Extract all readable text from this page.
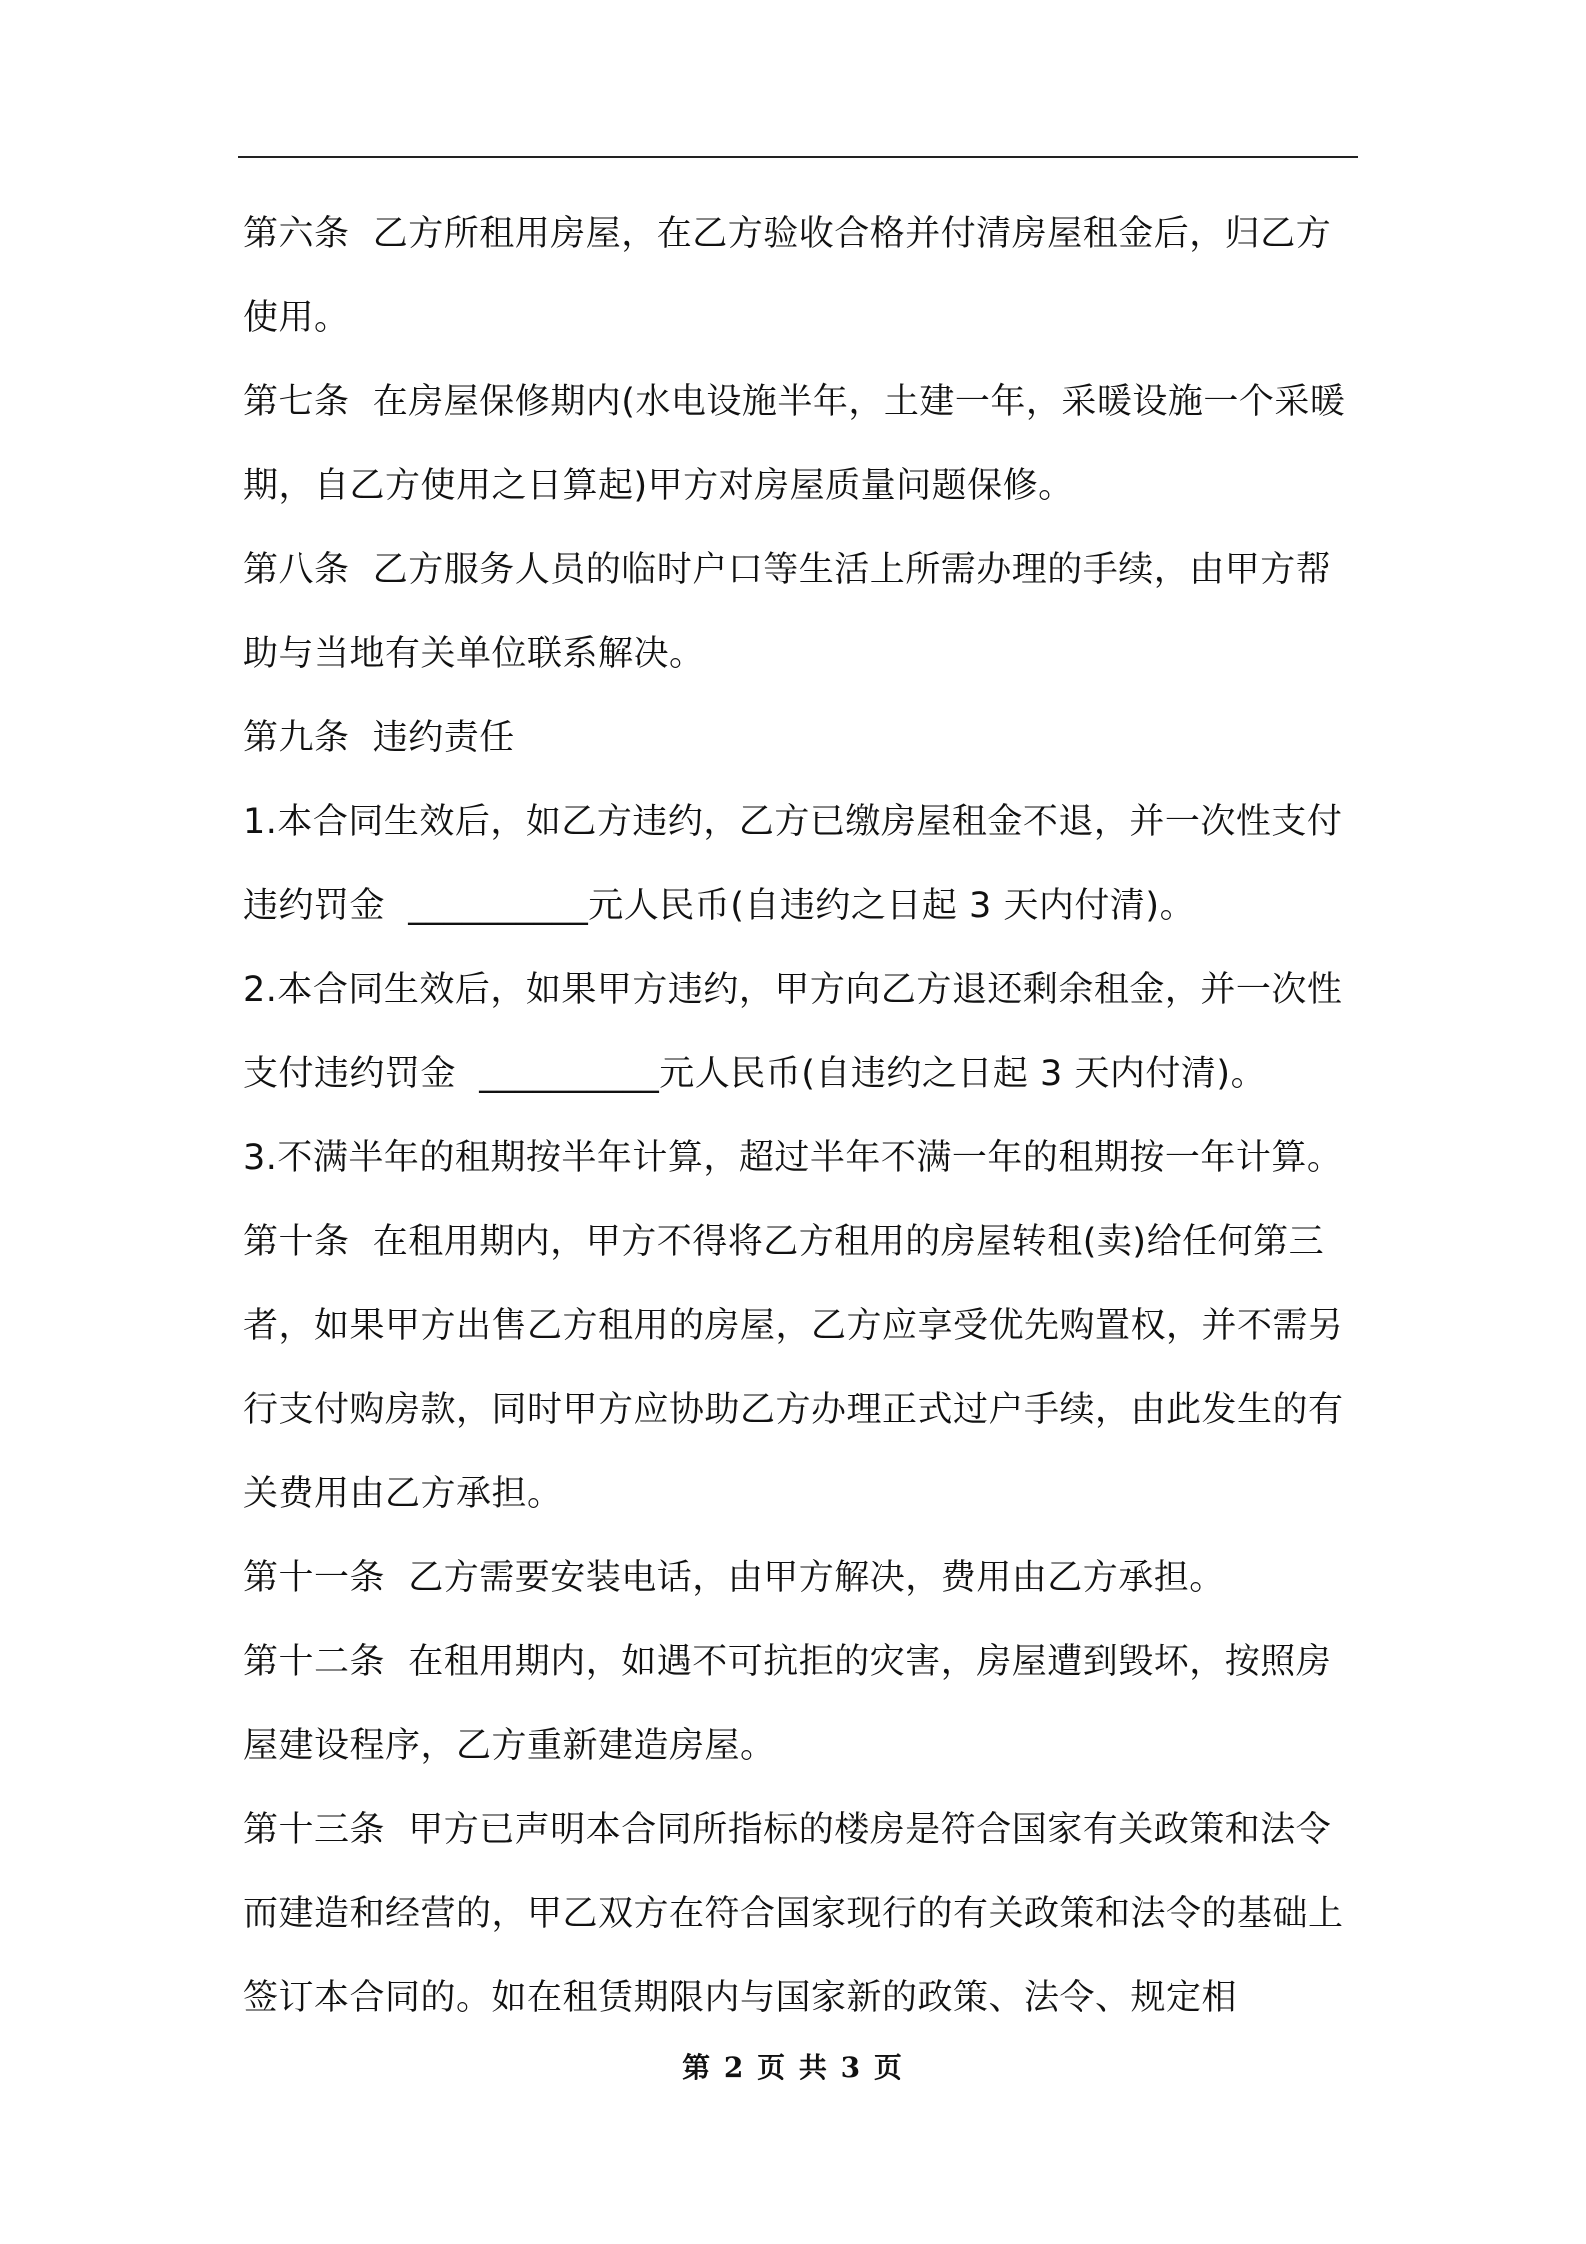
第六条  乙方所租用房屋，在乙方验收合格并付清房屋租金后，归乙方使用。

第七条  在房屋保修期内(水电设施半年，土建一年，采暖设施一个采暖期，自乙方使用之日算起)甲方对房屋质量问题保修。

第八条  乙方服务人员的临时户口等生活上所需办理的手续，由甲方帮助与当地有关单位联系解决。

第九条  违约责任

1.本合同生效后，如乙方违约，乙方已缴房屋租金不退，并一次性支付违约罚金  __________元人民币(自违约之日起 3 天内付清)。

2.本合同生效后，如果甲方违约，甲方向乙方退还剩余租金，并一次性支付违约罚金  __________元人民币(自违约之日起 3 天内付清)。

3.不满半年的租期按半年计算，超过半年不满一年的租期按一年计算。

第十条  在租用期内，甲方不得将乙方租用的房屋转租(卖)给任何第三者，如果甲方出售乙方租用的房屋，乙方应享受优先购置权，并不需另行支付购房款，同时甲方应协助乙方办理正式过户手续，由此发生的有关费用由乙方承担。

第十一条  乙方需要安装电话，由甲方解决，费用由乙方承担。

第十二条  在租用期内，如遇不可抗拒的灾害，房屋遭到毁坏，按照房屋建设程序，乙方重新建造房屋。

第十三条  甲方已声明本合同所指标的楼房是符合国家有关政策和法令而建造和经营的，甲乙双方在符合国家现行的有关政策和法令的基础上签订本合同的。如在租赁期限内与国家新的政策、法令、规定相

第 2 页 共 3 页
